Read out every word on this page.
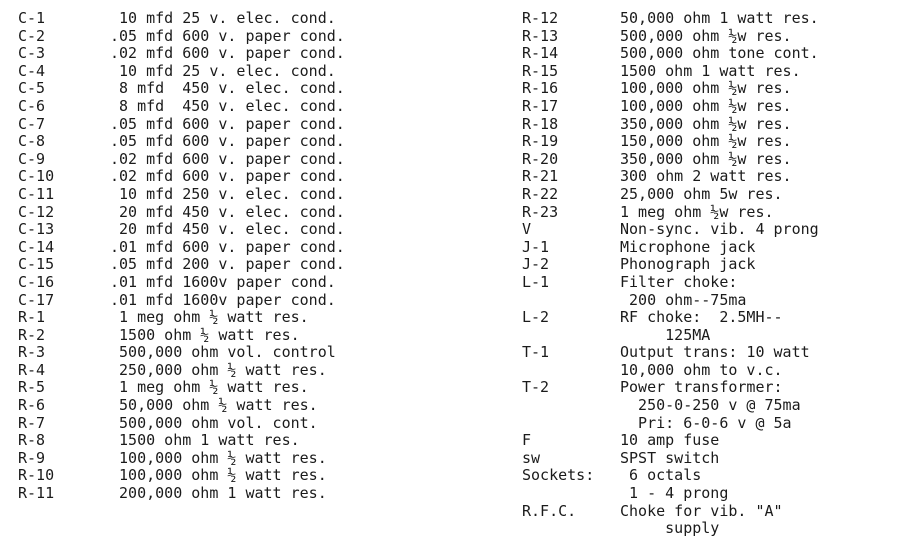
C-1	10 mfd 25 v. elec. cond.
C-2	.05 mfd 600 v. paper cond.
C-3	.02 mfd 600 v. paper cond.
C-4	10 mfd 25 v. elec. cond.
C-5	8 mfd  450 v. elec. cond.
C-6	8 mfd  450 v. elec. cond.
C-7	.05 mfd 600 v. paper cond.
C-8	.05 mfd 600 v. paper cond.
C-9	.02 mfd 600 v. paper cond.
C-10	.02 mfd 600 v. paper cond.
C-11	10 mfd 250 v. elec. cond.
C-12	20 mfd 450 v. elec. cond.
C-13	20 mfd 450 v. elec. cond.
C-14	.01 mfd 600 v. paper cond.
C-15	.05 mfd 200 v. paper cond.
C-16	.01 mfd 1600v paper cond.
C-17	.01 mfd 1600v paper cond.
R-1	1 meg ohm ½ watt res.
R-2	1500 ohm ½ watt res.
R-3	500,000 ohm vol. control
R-4	250,000 ohm ½ watt res.
R-5	1 meg ohm ½ watt res.
R-6	50,000 ohm ½ watt res.
R-7	500,000 ohm vol. cont.
R-8	1500 ohm 1 watt res.
R-9	100,000 ohm ½ watt res.
R-10	100,000 ohm ½ watt res.
R-11	200,000 ohm 1 watt res.
R-12	50,000 ohm 1 watt res.
R-13	500,000 ohm ½w res.
R-14	500,000 ohm tone cont.
R-15	1500 ohm 1 watt res.
R-16	100,000 ohm ½w res.
R-17	100,000 ohm ½w res.
R-18	350,000 ohm ½w res.
R-19	150,000 ohm ½w res.
R-20	350,000 ohm ½w res.
R-21	300 ohm 2 watt res.
R-22	25,000 ohm 5w res.
R-23	1 meg ohm ½w res.
V	Non-sync. vib. 4 prong
J-1	Microphone jack
J-2	Phonograph jack
L-1	Filter choke:
200 ohm--75ma
L-2	RF choke:  2.5MH--
125MA
T-1	Output trans: 10 watt
10,000 ohm to v.c.
T-2	Power transformer:
250-0-250 v @ 75ma
Pri: 6-0-6 v @ 5a
F	10 amp fuse
sw	SPST switch
Sockets: 6 octals
1 - 4 prong
R.F.C.	Choke for vib. "A"
supply
